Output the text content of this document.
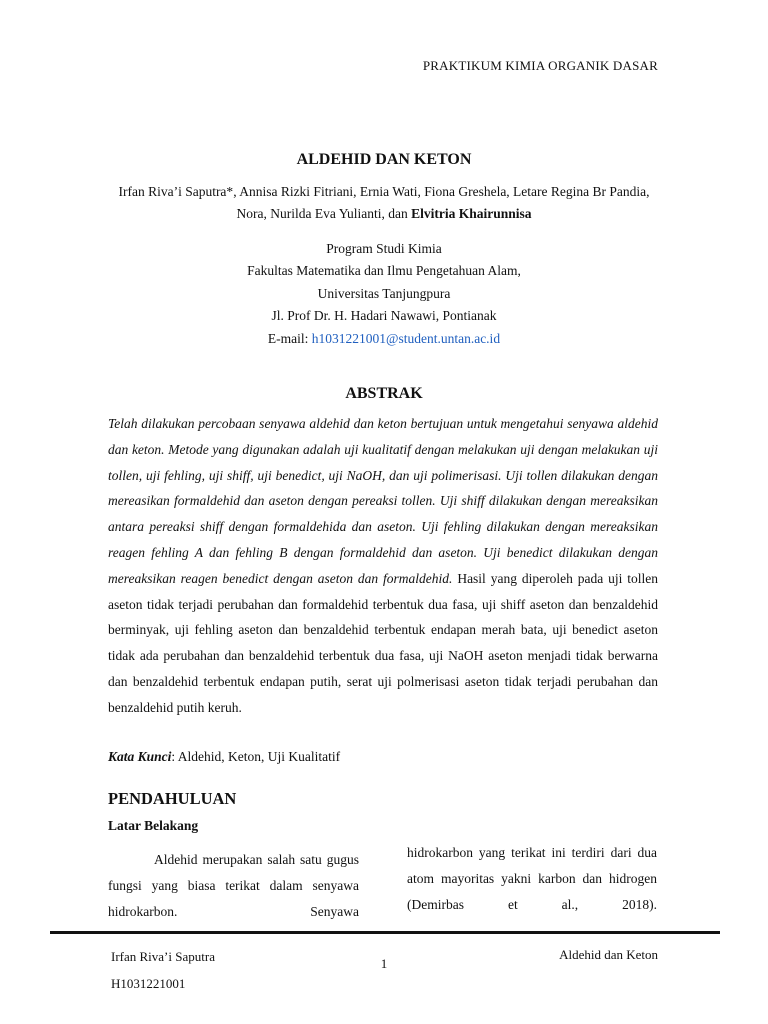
PRAKTIKUM KIMIA ORGANIK DASAR
ALDEHID DAN KETON
Irfan Riva’i Saputra*, Annisa Rizki Fitriani, Ernia Wati, Fiona Greshela, Letare Regina Br Pandia, Nora, Nurilda Eva Yulianti, dan Elvitria Khairunnisa
Program Studi Kimia
Fakultas Matematika dan Ilmu Pengetahuan Alam,
Universitas Tanjungpura
Jl. Prof Dr. H. Hadari Nawawi, Pontianak
E-mail: h1031221001@student.untan.ac.id
ABSTRAK
Telah dilakukan percobaan senyawa aldehid dan keton bertujuan untuk mengetahui senyawa aldehid dan keton. Metode yang digunakan adalah uji kualitatif dengan melakukan uji dengan melakukan uji tollen, uji fehling, uji shiff, uji benedict, uji NaOH, dan uji polimerisasi. Uji tollen dilakukan dengan mereasikan formaldehid dan aseton dengan pereaksi tollen. Uji shiff dilakukan dengan mereaksikan antara pereaksi shiff dengan formaldehida dan aseton. Uji fehling dilakukan dengan mereaksikan reagen fehling A dan fehling B dengan formaldehid dan aseton. Uji benedict dilakukan dengan mereaksikan reagen benedict dengan aseton dan formaldehid. Hasil yang diperoleh pada uji tollen aseton tidak terjadi perubahan dan formaldehid terbentuk dua fasa, uji shiff aseton dan benzaldehid berminyak, uji fehling aseton dan benzaldehid terbentuk endapan merah bata, uji benedict aseton tidak ada perubahan dan benzaldehid terbentuk dua fasa, uji NaOH aseton menjadi tidak berwarna dan benzaldehid terbentuk endapan putih, serat uji polmerisasi aseton tidak terjadi perubahan dan benzaldehid putih keruh.
Kata Kunci: Aldehid, Keton, Uji Kualitatif
PENDAHULUAN
Latar Belakang
Aldehid merupakan salah satu gugus fungsi yang biasa terikat dalam senyawa hidrokarbon. Senyawa
hidrokarbon yang terikat ini terdiri dari dua atom mayoritas yakni karbon dan hidrogen (Demirbas et al., 2018).
Irfan Riva’i Saputra	1
Aldehid dan Keton
H1031221001
